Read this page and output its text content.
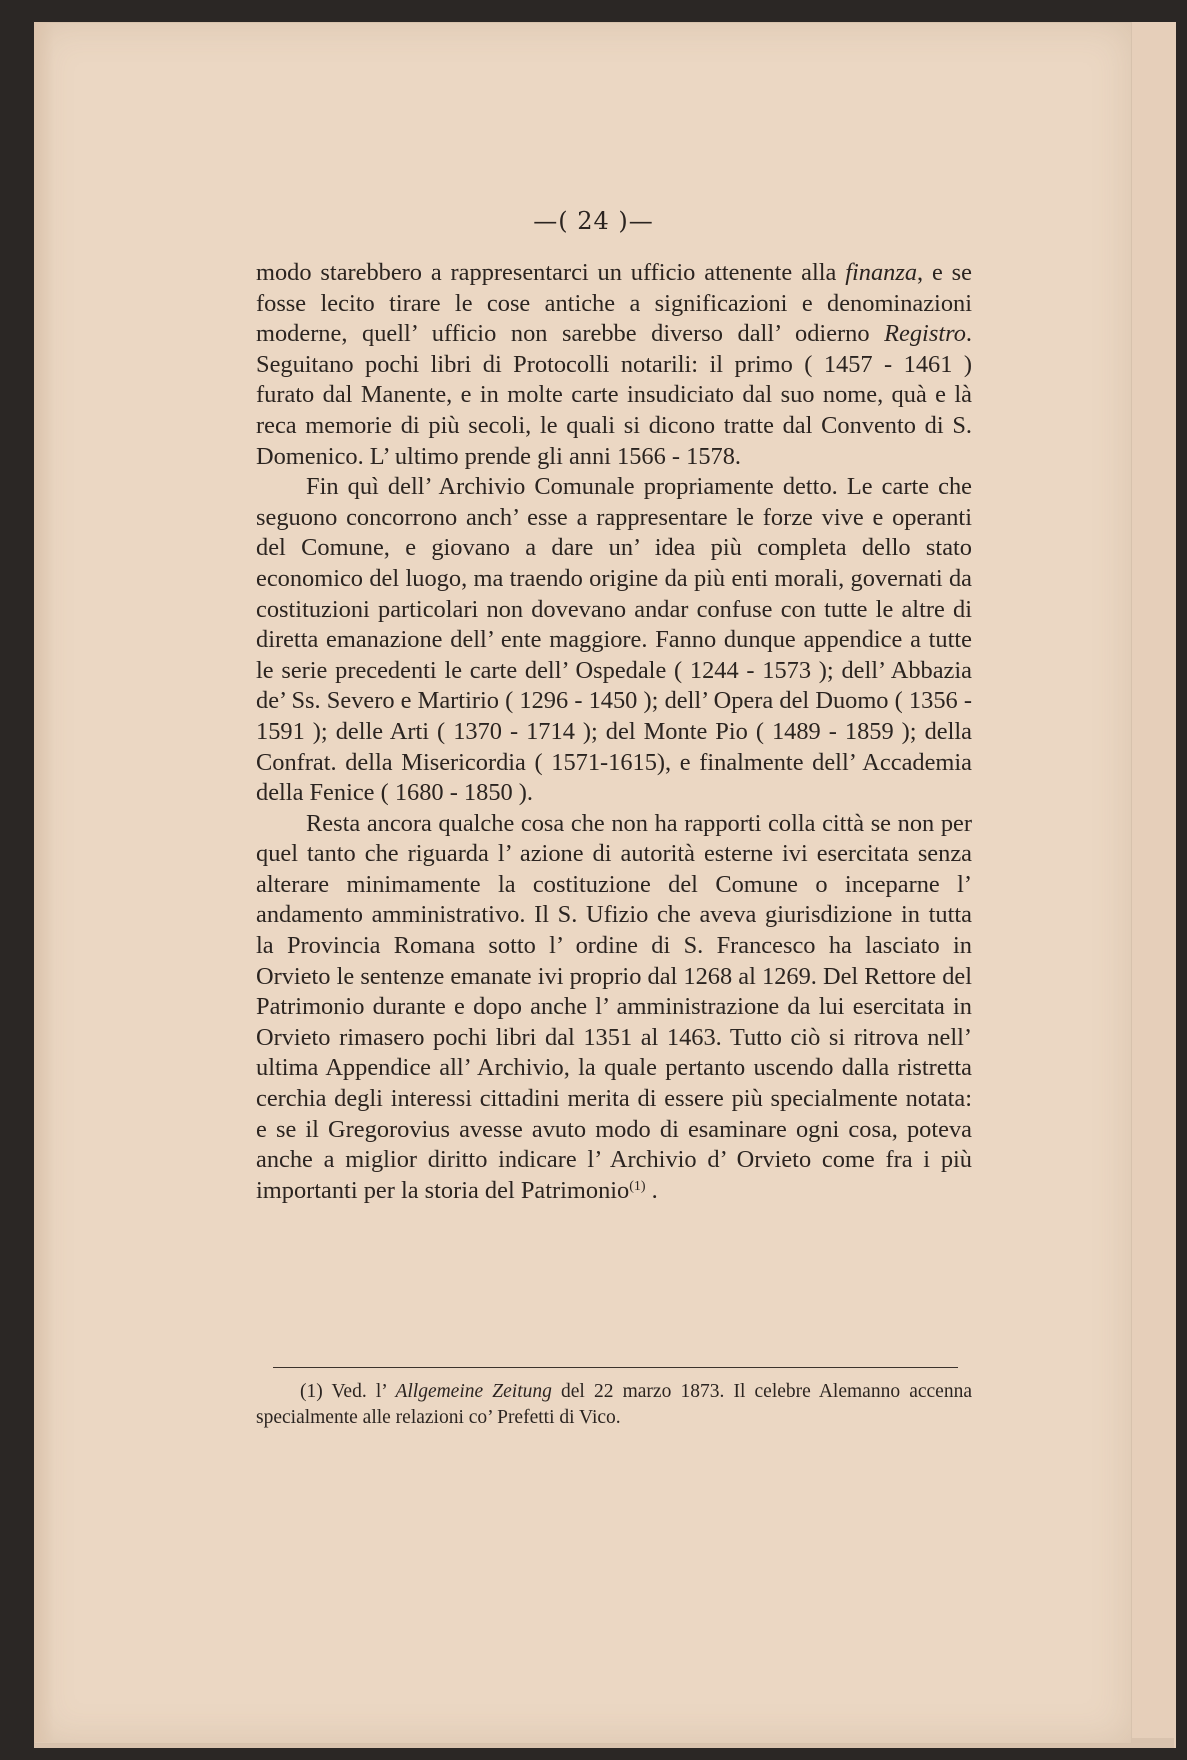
—( 24 )—

modo starebbero a rappresentarci un ufficio attenente alla finanza, e se fosse lecito tirare le cose antiche a significazioni e denominazioni moderne, quell’ ufficio non sarebbe diverso dall’ odierno Registro. Seguitano pochi libri di Protocolli notarili: il primo ( 1457 - 1461 ) furato dal Manente, e in molte carte insudiciato dal suo nome, quà e là reca memorie di più secoli, le quali si dicono tratte dal Convento di S. Domenico. L’ ultimo prende gli anni 1566 - 1578.

Fin quì dell’ Archivio Comunale propriamente detto. Le carte che seguono concorrono anch’ esse a rappresentare le forze vive e operanti del Comune, e giovano a dare un’ idea più completa dello stato economico del luogo, ma traendo origine da più enti morali, governati da costituzioni particolari non dovevano andar confuse con tutte le altre di diretta emanazione dell’ ente maggiore. Fanno dunque appendice a tutte le serie precedenti le carte dell’ Ospedale ( 1244 - 1573 ); dell’ Abbazia de’ Ss. Severo e Martirio ( 1296 - 1450 ); dell’ Opera del Duomo ( 1356 - 1591 ); delle Arti ( 1370 - 1714 ); del Monte Pio ( 1489 - 1859 ); della Confrat. della Misericordia ( 1571-1615), e finalmente dell’ Accademia della Fenice ( 1680 - 1850 ).

Resta ancora qualche cosa che non ha rapporti colla città se non per quel tanto che riguarda l’ azione di autorità esterne ivi esercitata senza alterare minimamente la costituzione del Comune o inceparne l’ andamento amministrativo. Il S. Ufizio che aveva giurisdizione in tutta la Provincia Romana sotto l’ ordine di S. Francesco ha lasciato in Orvieto le sentenze emanate ivi proprio dal 1268 al 1269. Del Rettore del Patrimonio durante e dopo anche l’ amministrazione da lui esercitata in Orvieto rimasero pochi libri dal 1351 al 1463. Tutto ciò si ritrova nell’ ultima Appendice all’ Archivio, la quale pertanto uscendo dalla ristretta cerchia degli interessi cittadini merita di essere più specialmente notata: e se il Gregorovius avesse avuto modo di esaminare ogni cosa, poteva anche a miglior diritto indicare l’ Archivio d’ Orvieto come fra i più importanti per la storia del Patrimonio$^{(1)}$ .

(1) Ved. l’ Allgemeine Zeitung del 22 marzo 1873. Il celebre Alemanno accenna specialmente alle relazioni co’ Prefetti di Vico.
